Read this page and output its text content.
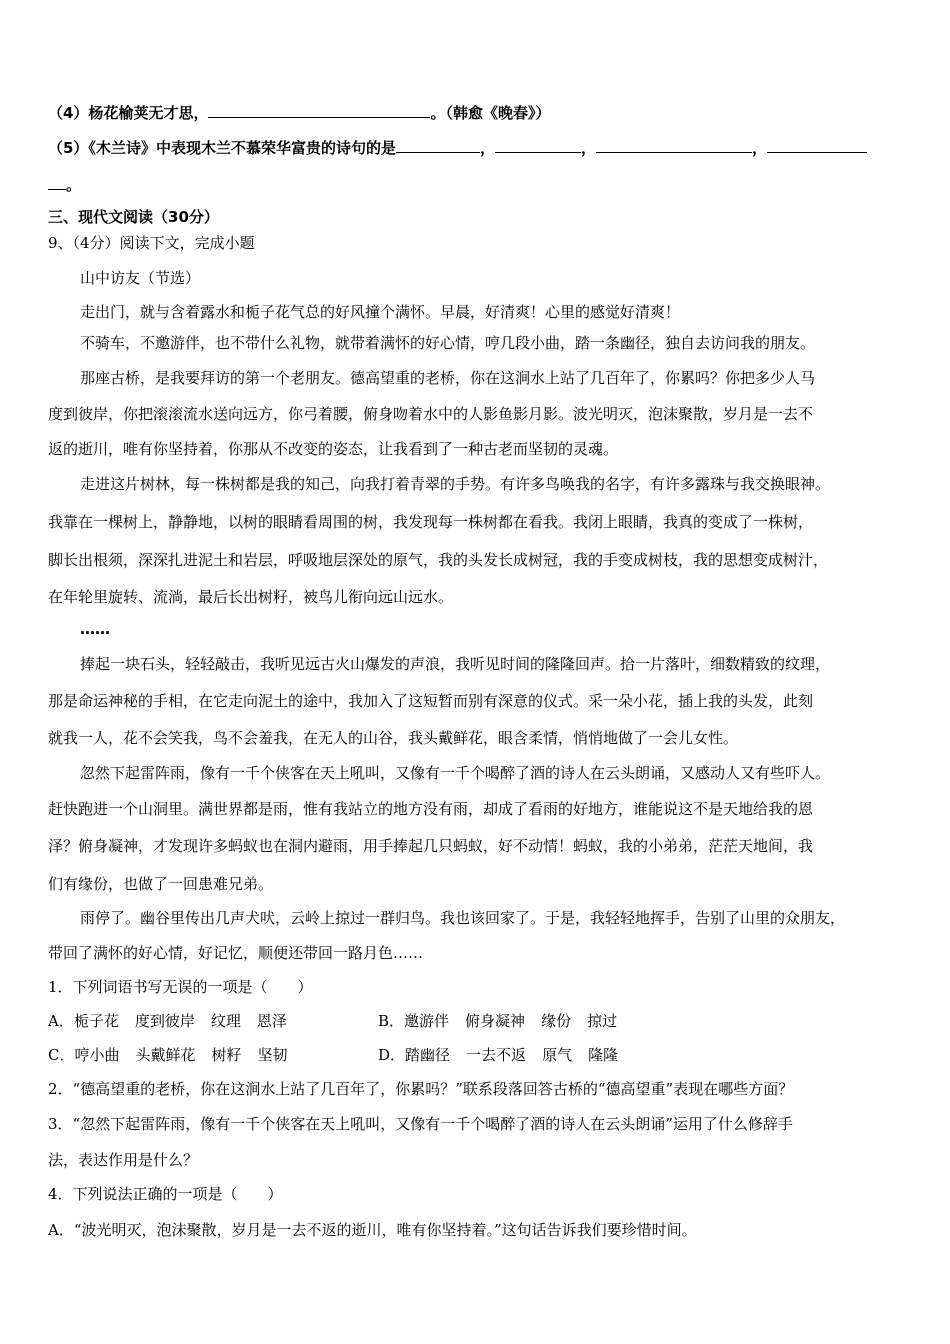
（4）杨花榆荚无才思，	。（韩愈《晚春》）
（5）《木兰诗》中表现木兰不慕荣华富贵的诗句的是	，	，	，
。
三、现代文阅读（30分）
9、（4分）阅读下文，完成小题
山中访友（节选）
走出门，就与含着露水和栀子花气总的好风撞个满怀。早晨，好清爽！心里的感觉好清爽！
不骑车，不邀游伴，也不带什么礼物，就带着满怀的好心情，哼几段小曲，踏一条幽径，独自去访问我的朋友。
那座古桥，是我要拜访的第一个老朋友。德高望重的老桥，你在这涧水上站了几百年了，你累吗？你把多少人马
度到彼岸，你把滚滚流水送向远方，你弓着腰，俯身吻着水中的人影鱼影月影。波光明灭，泡沫聚散，岁月是一去不
返的逝川，唯有你坚持着，你那从不改变的姿态，让我看到了一种古老而坚韧的灵魂。
走进这片树林，每一株树都是我的知己，向我打着青翠的手势。有许多鸟唤我的名字，有许多露珠与我交换眼神。
我靠在一棵树上，静静地，以树的眼睛看周围的树，我发现每一株树都在看我。我闭上眼睛，我真的变成了一株树，
脚长出根须，深深扎进泥土和岩层，呼吸地层深处的原气，我的头发长成树冠，我的手变成树枝，我的思想变成树汁，
在年轮里旋转、流淌，最后长出树籽，被鸟儿衔向远山远水。
……
捧起一块石头，轻轻敲击，我听见远古火山爆发的声浪，我听见时间的隆隆回声。拾一片落叶，细数精致的纹理，
那是命运神秘的手相，在它走向泥土的途中，我加入了这短暂而别有深意的仪式。采一朵小花，插上我的头发，此刻
就我一人，花不会笑我，鸟不会羞我，在无人的山谷，我头戴鲜花，眼含柔情，悄悄地做了一会儿女性。
忽然下起雷阵雨，像有一千个侠客在天上吼叫，又像有一千个喝醉了酒的诗人在云头朗诵，又感动人又有些吓人。
赶快跑进一个山洞里。满世界都是雨，惟有我站立的地方没有雨，却成了看雨的好地方，谁能说这不是天地给我的恩
泽？俯身凝神，才发现许多蚂蚁也在洞内避雨，用手捧起几只蚂蚁，好不动情！蚂蚁，我的小弟弟，茫茫天地间，我
们有缘份，也做了一回患难兄弟。
雨停了。幽谷里传出几声犬吠，云岭上掠过一群归鸟。我也该回家了。于是，我轻轻地挥手，告别了山里的众朋友，
带回了满怀的好心情，好记忆，顺便还带回一路月色……
1．下列词语书写无误的一项是（　　）
A．栀子花 度到彼岸 纹理 恩泽	B．邀游伴 俯身凝神 缘份 掠过
C．哼小曲 头戴鲜花 树籽 坚韧	D．踏幽径 一去不返 原气 隆隆
2．“德高望重的老桥，你在这涧水上站了几百年了，你累吗？”联系段落回答古桥的“德高望重”表现在哪些方面？
3．“忽然下起雷阵雨，像有一千个侠客在天上吼叫，又像有一千个喝醉了酒的诗人在云头朗诵”运用了什么修辞手
法，表达作用是什么？
4．下列说法正确的一项是（　　）
A．“波光明灭，泡沫聚散，岁月是一去不返的逝川，唯有你坚持着。”这句话告诉我们要珍惜时间。
